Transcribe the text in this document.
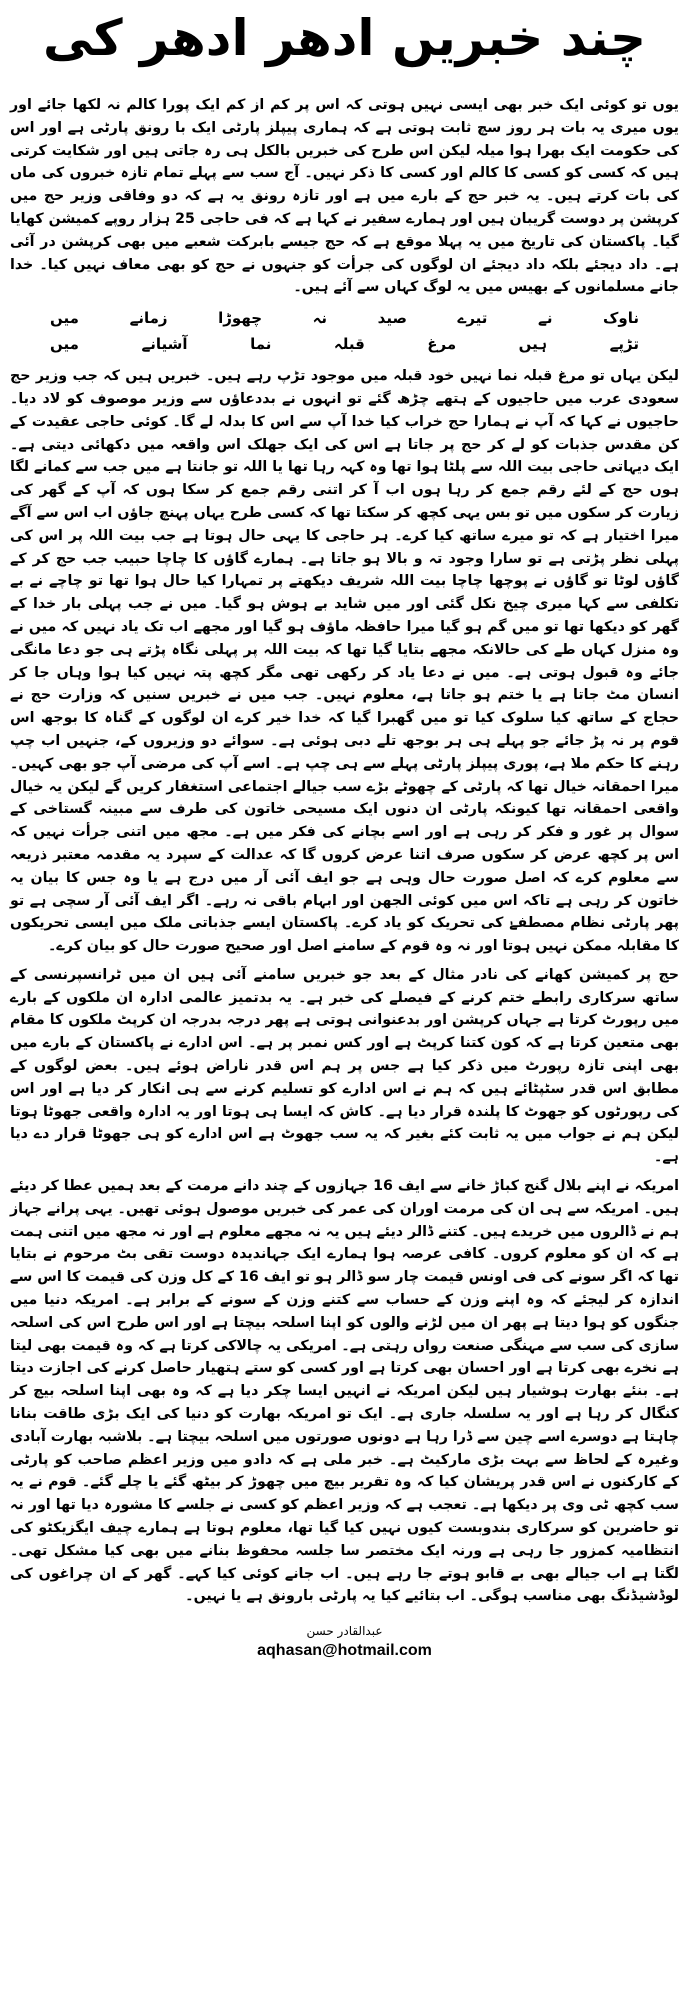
چند خبریں ادھر ادھر کی

یوں تو کوئی ایک خبر بھی ایسی نہیں ہوتی کہ اس پر کم از کم ایک پورا کالم نہ لکھا جائے اور یوں میری یہ بات ہر روز سچ ثابت ہوتی ہے کہ ہماری پیپلز پارٹی ایک با رونق پارٹی ہے اور اس کی حکومت ایک بھرا ہوا میلہ لیکن اس طرح کی خبریں بالکل ہی رہ جاتی ہیں اور شکایت کرتی ہیں کہ کسی کو کسی کا کالم اور کسی کا ذکر نہیں۔ آج سب سے پہلے تمام تازہ خبروں کی ماں کی بات کرتے ہیں۔ یہ خبر حج کے بارے میں ہے اور تازہ رونق یہ ہے کہ دو وفاقی وزیر حج میں کرپشن پر دوست گریبان ہیں اور ہمارے سفیر نے کہا ہے کہ فی حاجی 25 ہزار روپے کمیشن کھایا گیا۔ پاکستان کی تاریخ میں یہ پہلا موقع ہے کہ حج جیسے بابرکت شعبے میں بھی کرپشن در آئی ہے۔ داد دیجئے بلکہ داد دیجئے ان لوگوں کی جرأت کو جنہوں نے حج کو بھی معاف نہیں کیا۔ خدا جانے مسلمانوں کے بھیس میں یہ لوگ کہاں سے آئے ہیں۔

ناوک
نے
تیرے
صید
نہ
چھوڑا
زمانے
میں
تڑپے
ہیں
مرغ
قبلہ
نما
آشیانے
میں

لیکن یہاں تو مرغ قبلہ نما نہیں خود قبلہ میں موجود تڑپ رہے ہیں۔ خبریں ہیں کہ جب وزیر حج سعودی عرب میں حاجیوں کے ہتھے چڑھ گئے تو انہوں نے بددعاؤں سے وزیر موصوف کو لاد دیا۔ حاجیوں نے کہا کہ آپ نے ہمارا حج خراب کیا خدا آپ سے اس کا بدلہ لے گا۔ کوئی حاجی عقیدت کے کن مقدس جذبات کو لے کر حج پر جاتا ہے اس کی ایک جھلک اس واقعہ میں دکھائی دیتی ہے۔ ایک دیہاتی حاجی بیت اللہ سے پلٹا ہوا تھا وہ کہہ رہا تھا یا اللہ تو جانتا ہے میں جب سے کمانے لگا ہوں حج کے لئے رقم جمع کر رہا ہوں اب آ کر اتنی رقم جمع کر سکا ہوں کہ آپ کے گھر کی زیارت کر سکوں میں تو بس یہی کچھ کر سکتا تھا کہ کسی طرح یہاں پہنچ جاؤں اب اس سے آگے میرا اختیار ہے کہ تو میرے ساتھ کیا کرے۔ ہر حاجی کا یہی حال ہوتا ہے جب بیت اللہ پر اس کی پہلی نظر پڑتی ہے تو سارا وجود تہ و بالا ہو جاتا ہے۔ ہمارے گاؤں کا چاچا حبیب جب حج کر کے گاؤں لوٹا تو گاؤں نے پوچھا چاچا بیت اللہ شریف دیکھتے پر تمہارا کیا حال ہوا تھا تو چاچے نے بے تکلفی سے کہا میری چیخ نکل گئی اور میں شاید بے ہوش ہو گیا۔ میں نے جب پہلی بار خدا کے گھر کو دیکھا تھا تو میں گم ہو گیا میرا حافظہ ماؤف ہو گیا اور مجھے اب تک یاد نہیں کہ میں نے وہ منزل کہاں طے کی حالانکہ مجھے بتایا گیا تھا کہ بیت اللہ پر پہلی نگاہ پڑتے ہی جو دعا مانگی جائے وہ قبول ہوتی ہے۔ میں نے دعا یاد کر رکھی تھی مگر کچھ پتہ نہیں کیا ہوا وہاں جا کر انسان مٹ جاتا ہے یا ختم ہو جاتا ہے، معلوم نہیں۔ جب میں نے خبریں سنیں کہ وزارت حج نے حجاج کے ساتھ کیا سلوک کیا تو میں گھبرا گیا کہ خدا خیر کرے ان لوگوں کے گناہ کا بوجھ اس قوم پر نہ پڑ جائے جو پہلے ہی ہر بوجھ تلے دبی ہوئی ہے۔ سوائے دو وزیروں کے، جنہیں اب چپ رہنے کا حکم ملا ہے، پوری پیپلز پارٹی پہلے سے ہی چپ ہے۔ اسے آپ کی مرضی آپ جو بھی کہیں۔ میرا احمقانہ خیال تھا کہ پارٹی کے چھوٹے بڑے سب جیالے اجتماعی استغفار کریں گے لیکن یہ خیال واقعی احمقانہ تھا کیونکہ پارٹی ان دنوں ایک مسیحی خاتون کی طرف سے مبینہ گستاخی کے سوال پر غور و فکر کر رہی ہے اور اسے بچانے کی فکر میں ہے۔ مجھ میں اتنی جرأت نہیں کہ اس پر کچھ عرض کر سکوں صرف اتنا عرض کروں گا کہ عدالت کے سپرد یہ مقدمہ معتبر ذریعہ سے معلوم کرے کہ اصل صورت حال وہی ہے جو ایف آئی آر میں درج ہے یا وہ جس کا بیان یہ خاتون کر رہی ہے تاکہ اس میں کوئی الجھن اور ابہام باقی نہ رہے۔ اگر ایف آئی آر سچی ہے تو پھر پارٹی نظام مصطفےٰ کی تحریک کو یاد کرے۔ پاکستان ایسے جذباتی ملک میں ایسی تحریکوں کا مقابلہ ممکن نہیں ہوتا اور نہ وہ قوم کے سامنے اصل اور صحیح صورت حال کو بیان کرے۔

حج پر کمیشن کھانے کی نادر مثال کے بعد جو خبریں سامنے آئی ہیں ان میں ٹرانسپرنسی کے ساتھ سرکاری رابطے ختم کرنے کے فیصلے کی خبر ہے۔ یہ بدتمیز عالمی ادارہ ان ملکوں کے بارے میں رپورٹ کرتا ہے جہاں کرپشن اور بدعنوانی ہوتی ہے پھر درجہ بدرجہ ان کرپٹ ملکوں کا مقام بھی متعین کرتا ہے کہ کون کتنا کرپٹ ہے اور کس نمبر پر ہے۔ اس ادارے نے پاکستان کے بارے میں بھی اپنی تازہ رپورٹ میں ذکر کیا ہے جس پر ہم اس قدر ناراض ہوئے ہیں۔ بعض لوگوں کے مطابق اس قدر سٹپٹائے ہیں کہ ہم نے اس ادارے کو تسلیم کرنے سے ہی انکار کر دیا ہے اور اس کی رپورٹوں کو جھوٹ کا پلندہ قرار دیا ہے۔ کاش کہ ایسا ہی ہوتا اور یہ ادارہ واقعی جھوٹا ہوتا لیکن ہم نے جواب میں یہ ثابت کئے بغیر کہ یہ سب جھوٹ ہے اس ادارے کو ہی جھوٹا قرار دے دیا ہے۔

امریکہ نے اپنے بلال گنج کباڑ خانے سے ایف 16 جہازوں کے چند دانے مرمت کے بعد ہمیں عطا کر دیئے ہیں۔ امریکہ سے ہی ان کی مرمت اوران کی عمر کی خبریں موصول ہوئی تھیں۔ یہی پرانے جہاز ہم نے ڈالروں میں خریدے ہیں۔ کتنے ڈالر دیئے ہیں یہ نہ مجھے معلوم ہے اور نہ مجھ میں اتنی ہمت ہے کہ ان کو معلوم کروں۔ کافی عرصہ ہوا ہمارے ایک جہاندیدہ دوست تقی بٹ مرحوم نے بتایا تھا کہ اگر سونے کی فی اونس قیمت چار سو ڈالر ہو تو ایف 16 کے کل وزن کی قیمت کا اس سے اندازہ کر لیجئے کہ وہ اپنے وزن کے حساب سے کتنے وزن کے سونے کے برابر ہے۔ امریکہ دنیا میں جنگوں کو ہوا دیتا ہے پھر ان میں لڑنے والوں کو اپنا اسلحہ بیچتا ہے اور اس طرح اس کی اسلحہ سازی کی سب سے مہنگی صنعت رواں رہتی ہے۔ امریکی یہ چالاکی کرتا ہے کہ وہ قیمت بھی لیتا ہے نخرے بھی کرتا ہے اور احسان بھی کرتا ہے اور کسی کو ستے ہتھیار حاصل کرنے کی اجازت دیتا ہے۔ بنئے بھارت ہوشیار ہیں لیکن امریکہ نے انہیں ایسا چکر دیا ہے کہ وہ بھی اپنا اسلحہ بیچ کر کنگال کر رہا ہے اور یہ سلسلہ جاری ہے۔ ایک تو امریکہ بھارت کو دنیا کی ایک بڑی طاقت بنانا چاہتا ہے دوسرے اسے چین سے ڈرا رہا ہے دونوں صورتوں میں اسلحہ بیچتا ہے۔ بلاشبہ بھارت آبادی وغیرہ کے لحاظ سے بہت بڑی مارکیٹ ہے۔ خبر ملی ہے کہ دادو میں وزیر اعظم صاحب کو پارٹی کے کارکنوں نے اس قدر پریشان کیا کہ وہ تقریر بیچ میں چھوڑ کر بیٹھ گئے یا چلے گئے۔ قوم نے یہ سب کچھ ٹی وی پر دیکھا ہے۔ تعجب ہے کہ وزیر اعظم کو کسی نے جلسے کا مشورہ دیا تھا اور نہ تو حاضرین کو سرکاری بندوبست کیوں نہیں کیا گیا تھا، معلوم ہوتا ہے ہمارے چیف ایگزیکٹو کی انتظامیہ کمزور جا رہی ہے ورنہ ایک مختصر سا جلسہ محفوظ بنانے میں بھی کیا مشکل تھی۔ لگتا ہے اب جیالے بھی بے قابو ہوتے جا رہے ہیں۔ اب جانے کوئی کیا کہے۔ گھر کے ان چراغوں کی لوڈشیڈنگ بھی مناسب ہوگی۔ اب بتائیے کیا یہ پارٹی بارونق ہے یا نہیں۔

عبدالقادر حسن
aqhasan@hotmail.com
